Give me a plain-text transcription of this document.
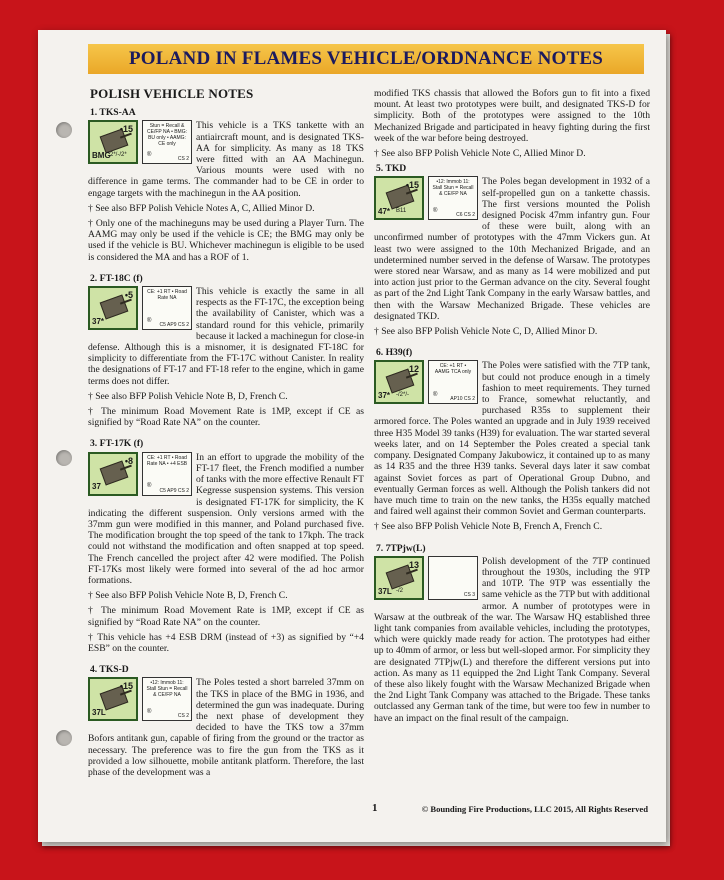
POLAND IN FLAMES VEHICLE/ORDNANCE NOTES
POLISH VEHICLE NOTES
1. TKS-AA
•15
BMG 2*/-/2*
Stun = Recall & CE/FP NA • BMG: BU only • AAMG: CE only
®
CS 2

This vehicle is a TKS tankette with an antiaircraft mount, and is designated TKS-AA for simplicity. As many as 18 TKS were fitted with an AA Machinegun. Various mounts were used with no difference in game terms. The commander had to be CE in order to engage targets with the machinegun in the AA position.

† See also BFP Polish Vehicle Notes A, C, Allied Minor D.

† Only one of the machineguns may be used during a Player Turn. The AAMG may only be used if the vehicle is CE; the BMG may only be used if the vehicle is BU. Whichever machinegun is eligible to be used is considered the MA and has a ROF of 1.

2. FT-18C (f)
•5
37*
CE: +1 RT • Road Rate NA
®
C5 AP9 CS 2

This vehicle is exactly the same in all respects as the FT-17C, the exception being the availability of Canister, which was a standard round for this vehicle, primarily because it lacked a machinegun for close-in defense. Although this is a misnomer, it is designated FT-18C for simplicity to differentiate from the FT-17C without Canister. In reality the designations of FT-17 and FT-18 refer to the engine, which in game terms does not differ.

† See also BFP Polish Vehicle Note B, D, French C.

† The minimum Road Movement Rate is 1MP, except if CE as signified by “Road Rate NA” on the counter.

3. FT-17K (f)
•8
37
CE: +1 RT • Road Rate NA • +4 ESB
®
C5 AP9 CS 2

In an effort to upgrade the mobility of the FT-17 fleet, the French modified a number of tanks with the more effective Renault FT Kegresse suspension systems. This version is designated FT-17K for simplicity, the K indicating the different suspension. Only versions armed with the 37mm gun were modified in this manner, and Poland purchased five. The modification brought the top speed of the tank to 17kph. The track could not withstand the modification and often snapped at top speed. The French cancelled the project after 42 were modified. The Polish FT-17Ks most likely were formed into several of the ad hoc armor formations.

† See also BFP Polish Vehicle Note B, D, French C.

† The minimum Road Movement Rate is 1MP, except if CE as signified by “Road Rate NA” on the counter.

† This vehicle has +4 ESB DRM (instead of +3) as signified by “+4 ESB” on the counter.

4. TKS-D
•15
37L
•12: Immob 11: Stall Stun = Recall & CE/FP NA
®
CS 2

The Poles tested a short barreled 37mm on the TKS in place of the BMG in 1936, and determined the gun was inadequate. During the next phase of development they decided to have the TKS tow a 37mm Bofors antitank gun, capable of firing from the ground or the tractor as necessary. The preference was to fire the gun from the TKS as it provided a low silhouette, mobile antitank platform. Therefore, the last phase of the development was a

modified TKS chassis that allowed the Bofors gun to fit into a fixed mount. At least two prototypes were built, and designated TKS-D for simplicity. Both of the prototypes were assigned to the 10th Mechanized Brigade and participated in heavy fighting during the first week of the war before being destroyed.

† See also BFP Polish Vehicle Note C, Allied Minor D.

5. TKD
•15
47* B11
•12: Immob 11: Stall Stun = Recall & CE/FP NA
®
C6 CS 2

The Poles began development in 1932 of a self-propelled gun on a tankette chassis. The first versions mounted the Polish designed Pocisk 47mm infantry gun. Four of these were built, along with an unconfirmed number of prototypes with the 47mm Vickers gun. At least two were assigned to the 10th Mechanized Brigade, and an undetermined number served in the defense of Warsaw. The prototypes were stored near Warsaw, and as many as 14 were mobilized and put into action just prior to the German advance on the city. Several fought as part of the 2nd Light Tank Company in the early Warsaw battles, and then with the Warsaw Mechanized Brigade. These vehicles are designated TKD.

† See also BFP Polish Vehicle Note C, D, Allied Minor D.

6. H39(f)
12
37* -/2*/-
CE: +1 RT • AAMG TCA only
®
AP10 CS 2

The Poles were satisfied with the 7TP tank, but could not produce enough in a timely fashion to meet requirements. They turned to France, somewhat reluctantly, and purchased R35s to supplement their armored force. The Poles wanted an upgrade and in July 1939 received three H35 Model 39 tanks (H39) for evaluation. The war started several weeks later, and on 14 September the Poles created a special tank company. Designated Company Jakubowicz, it contained up to as many as 14 R35 and the three H39 tanks. Several days later it saw combat against Soviet forces as part of Operational Group Dubno, and eventually German forces as well. Although the Polish tankers did not have much time to train on the new tanks, the H35s equally matched and faired well against their common Soviet and German counterparts.

† See also BFP Polish Vehicle Note B, French A, French C.

7. 7TPjw(L)
13
37L -/2
CS 3

Polish development of the 7TP continued throughout the 1930s, including the 9TP and 10TP. The 9TP was essentially the same vehicle as the 7TP but with additional armor. A number of prototypes were in Warsaw at the outbreak of the war. The Warsaw HQ established three light tank companies from available vehicles, including the prototypes, which were quickly made ready for action. The prototypes had either up to 40mm of armor, or less but well-sloped armor. For simplicity they are designated 7TPjw(L) and therefore the different versions put into action. As many as 11 equipped the 2nd Light Tank Company. Several of these also likely fought with the Warsaw Mechanized Brigade when the 2nd Light Tank Company was attached to the Brigade. These tanks outclassed any German tank of the time, but were too few in number to have an impact on the final result of the campaign.

1	© Bounding Fire Productions, LLC 2015, All Rights Reserved
